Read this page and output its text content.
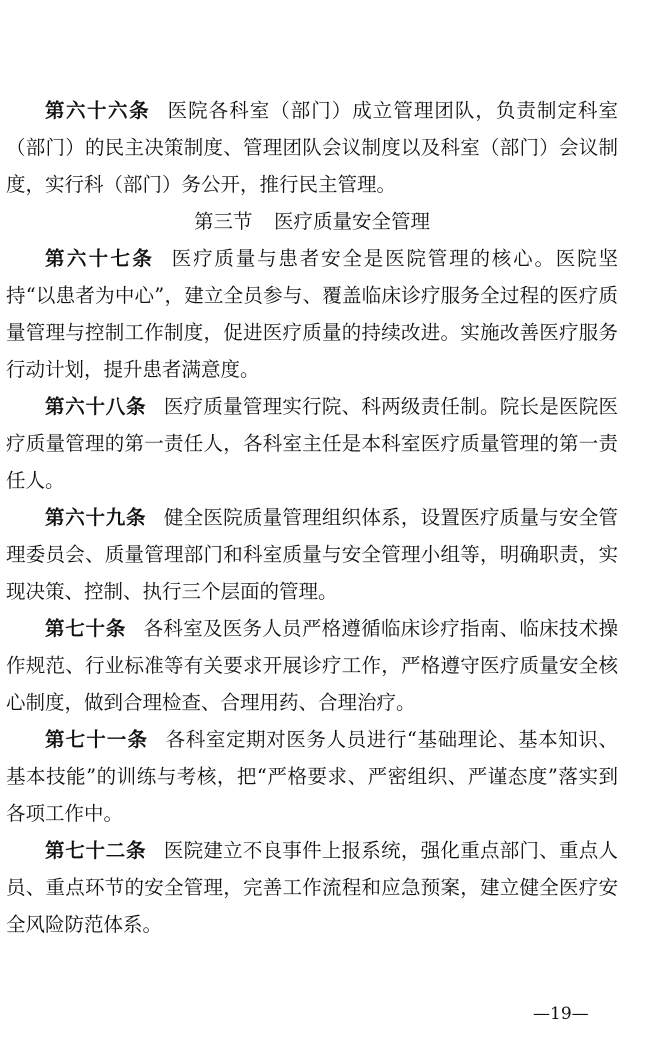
第六十六条 医院各科室（部门）成立管理团队，负责制定科室（部门）的民主决策制度、管理团队会议制度以及科室（部门）会议制度，实行科（部门）务公开，推行民主管理。

第三节 医疗质量安全管理

第六十七条 医疗质量与患者安全是医院管理的核心。医院坚持“以患者为中心”，建立全员参与、覆盖临床诊疗服务全过程的医疗质量管理与控制工作制度，促进医疗质量的持续改进。实施改善医疗服务行动计划，提升患者满意度。

第六十八条 医疗质量管理实行院、科两级责任制。院长是医院医疗质量管理的第一责任人，各科室主任是本科室医疗质量管理的第一责任人。

第六十九条 健全医院质量管理组织体系，设置医疗质量与安全管理委员会、质量管理部门和科室质量与安全管理小组等，明确职责，实现决策、控制、执行三个层面的管理。

第七十条 各科室及医务人员严格遵循临床诊疗指南、临床技术操作规范、行业标准等有关要求开展诊疗工作，严格遵守医疗质量安全核心制度，做到合理检查、合理用药、合理治疗。

第七十一条 各科室定期对医务人员进行“基础理论、基本知识、基本技能”的训练与考核，把“严格要求、严密组织、严谨态度”落实到各项工作中。

第七十二条 医院建立不良事件上报系统，强化重点部门、重点人员、重点环节的安全管理，完善工作流程和应急预案，建立健全医疗安全风险防范体系。

—19—
